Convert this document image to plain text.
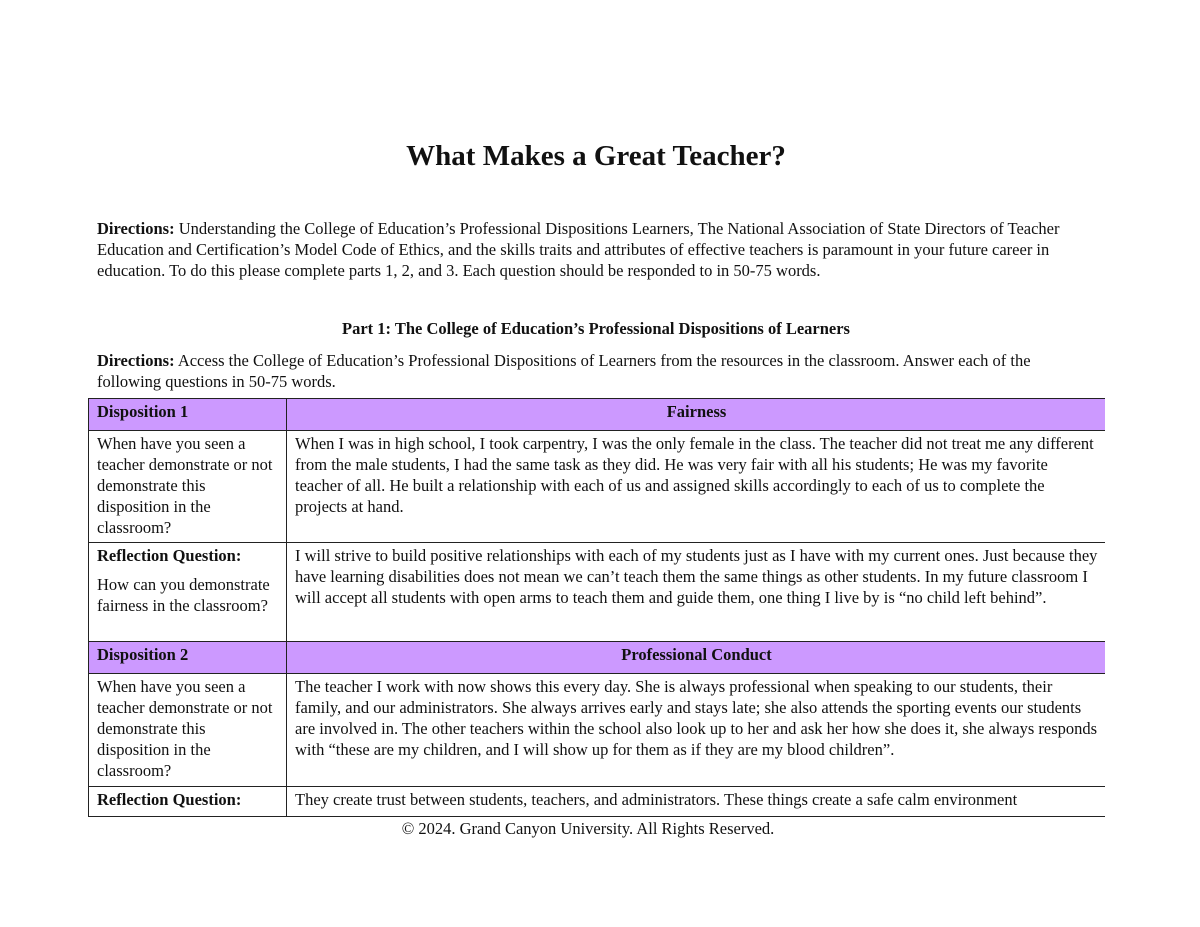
What Makes a Great Teacher?

Directions: Understanding the College of Education’s Professional Dispositions Learners, The National Association of State Directors of Teacher Education and Certification’s Model Code of Ethics, and the skills traits and attributes of effective teachers is paramount in your future career in education. To do this please complete parts 1, 2, and 3. Each question should be responded to in 50-75 words.

Part 1: The College of Education’s Professional Dispositions of Learners

Directions: Access the College of Education’s Professional Dispositions of Learners from the resources in the classroom. Answer each of the following questions in 50-75 words.

Disposition 1	Fairness
When have you seen a teacher demonstrate or not demonstrate this disposition in the classroom?	When I was in high school, I took carpentry, I was the only female in the class. The teacher did not treat me any different from the male students, I had the same task as they did. He was very fair with all his students; He was my favorite teacher of all. He built a relationship with each of us and assigned skills accordingly to each of us to complete the projects at hand.

Reflection Question:
How can you demonstrate fairness in the classroom?	I will strive to build positive relationships with each of my students just as I have with my current ones. Just because they have learning disabilities does not mean we can’t teach them the same things as other students. In my future classroom I will accept all students with open arms to teach them and guide them, one thing I live by is “no child left behind”.
Disposition 2	Professional Conduct
When have you seen a teacher demonstrate or not demonstrate this disposition in the classroom?	The teacher I work with now shows this every day. She is always professional when speaking to our students, their family, and our administrators. She always arrives early and stays late; she also attends the sporting events our students are involved in. The other teachers within the school also look up to her and ask her how she does it, she always responds with “these are my children, and I will show up for them as if they are my blood children”.

Reflection Question:	They create trust between students, teachers, and administrators. These things create a safe calm environment

© 2024. Grand Canyon University. All Rights Reserved.
